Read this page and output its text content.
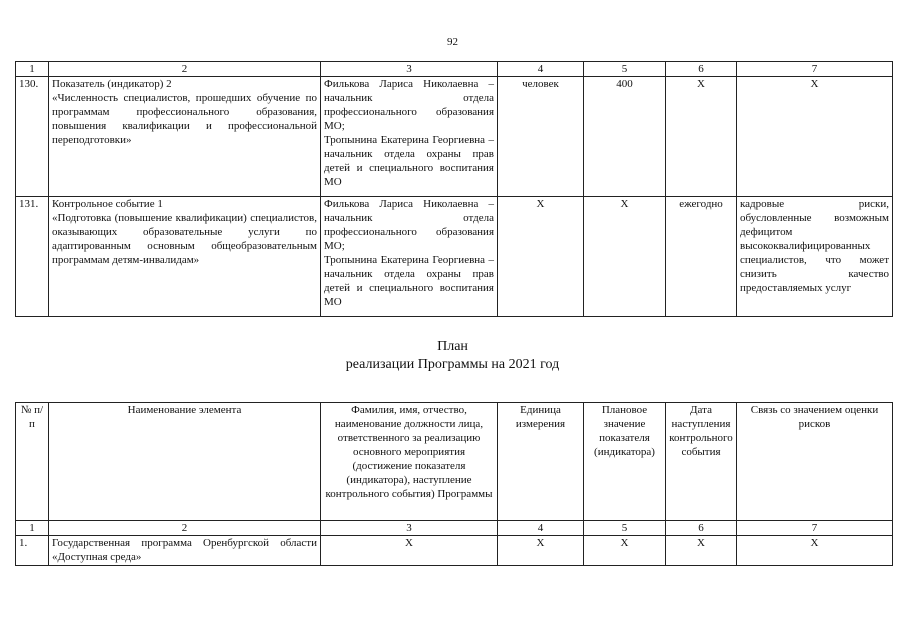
92
1	2	3	4	5	6	7
130.	Показатель (индикатор) 2
«Численность специалистов, прошедших обучение по программам профессионального образования, повышения квалификации и профессиональной переподготовки»	Филькова Лариса Николаевна – начальник отдела профессионального образования МО;
Тропынина Екатерина Георгиевна – начальник отдела охраны прав детей и специального воспитания МО	человек	400	X	X
131.	Контрольное событие 1
«Подготовка (повышение квалификации) специалистов, оказывающих образовательные услуги по адаптированным основным общеобразовательным программам детям-инвалидам»	Филькова Лариса Николаевна – начальник отдела профессионального образования МО;
Тропынина Екатерина Георгиевна – начальник отдела охраны прав детей и специального воспитания МО	X	X	ежегодно	кадровые риски, обусловленные возможным дефицитом высококвалифицированных специалистов, что может снизить качество предоставляемых услуг
План
реализации Программы на 2021 год
№ п/п	Наименование элемента	Фамилия, имя, отчество, наименование должности лица, ответственного за реализацию основного мероприятия (достижение показателя (индикатора), наступление контрольного события) Программы	Единица измерения	Плановое значение показателя (индикатора)	Дата наступления контрольного события	Связь со значением оценки рисков
1	2	3	4	5	6	7
1.	Государственная программа Оренбургской области «Доступная среда»	X	X	X	X	X
